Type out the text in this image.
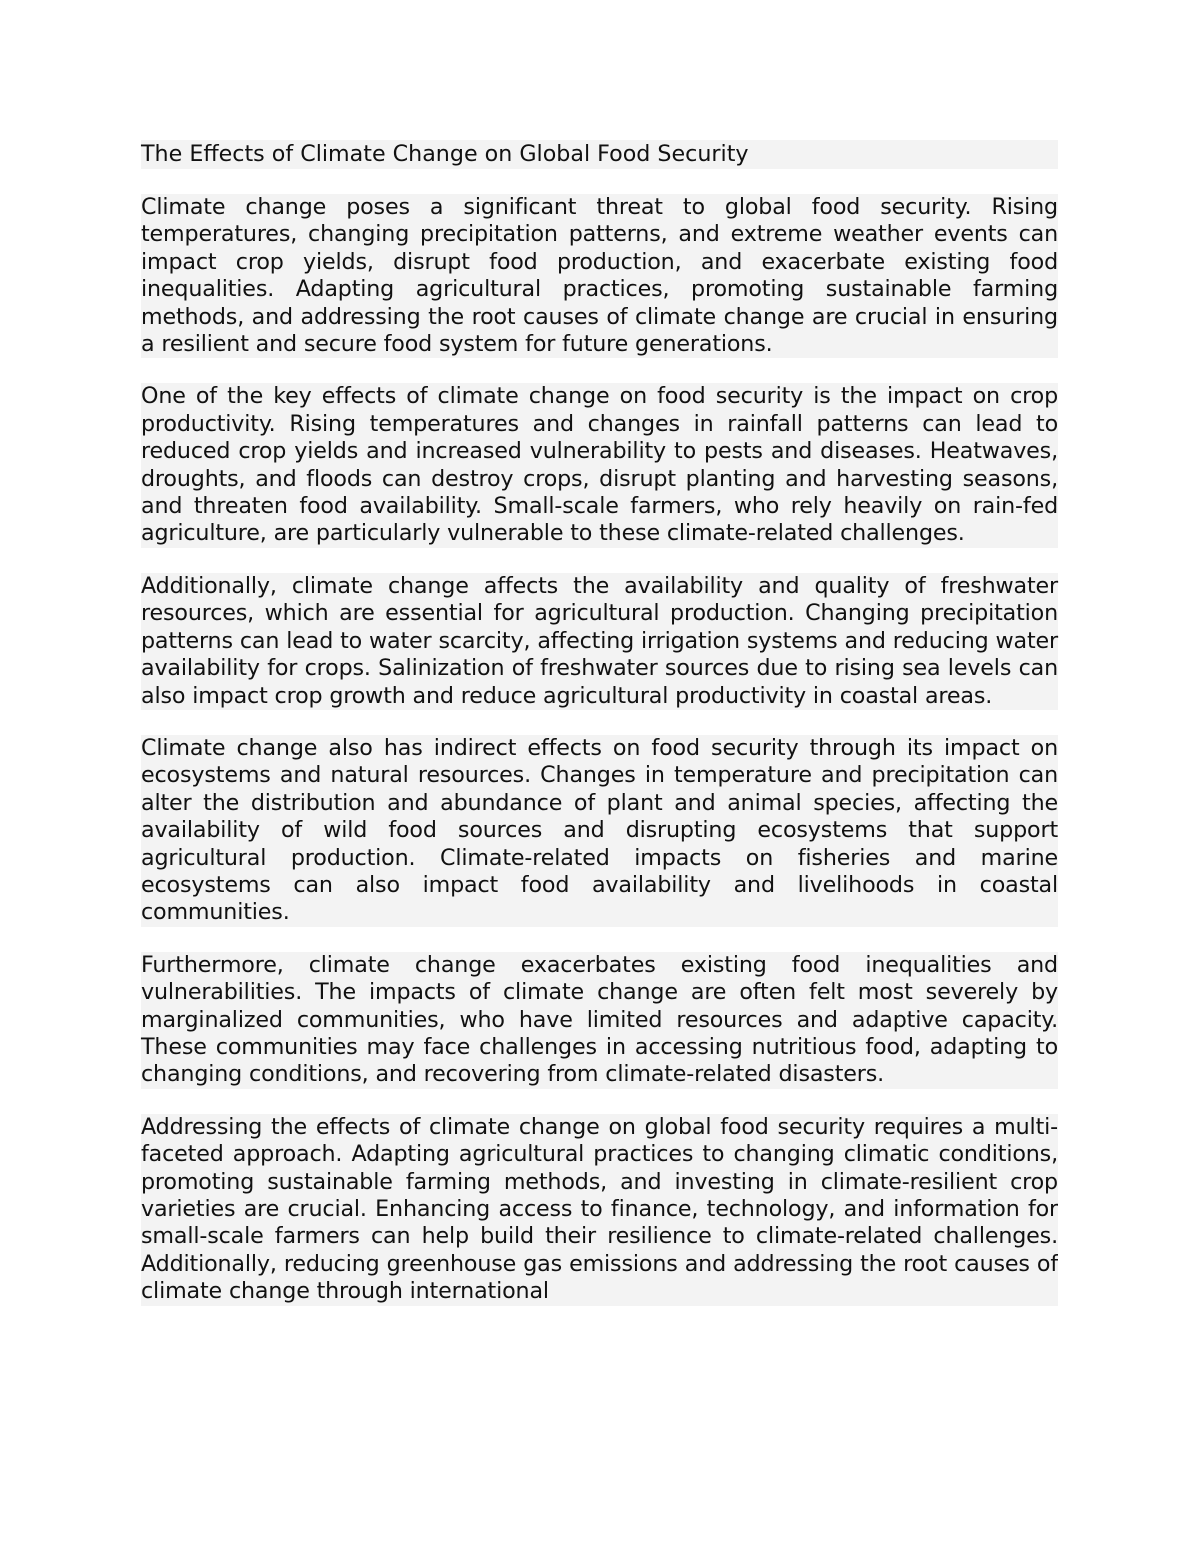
The Effects of Climate Change on Global Food Security

Climate change poses a significant threat to global food security. Rising temperatures, changing precipitation patterns, and extreme weather events can impact crop yields, disrupt food production, and exacerbate existing food inequalities. Adapting agricultural practices, promoting sustainable farming methods, and addressing the root causes of climate change are crucial in ensuring a resilient and secure food system for future generations.

One of the key effects of climate change on food security is the impact on crop productivity. Rising temperatures and changes in rainfall patterns can lead to reduced crop yields and increased vulnerability to pests and diseases. Heatwaves, droughts, and floods can destroy crops, disrupt planting and harvesting seasons, and threaten food availability. Small-scale farmers, who rely heavily on rain-fed agriculture, are particularly vulnerable to these climate-related challenges.

Additionally, climate change affects the availability and quality of freshwater resources, which are essential for agricultural production. Changing precipitation patterns can lead to water scarcity, affecting irrigation systems and reducing water availability for crops. Salinization of freshwater sources due to rising sea levels can also impact crop growth and reduce agricultural productivity in coastal areas.

Climate change also has indirect effects on food security through its impact on ecosystems and natural resources. Changes in temperature and precipitation can alter the distribution and abundance of plant and animal species, affecting the availability of wild food sources and disrupting ecosystems that support agricultural production. Climate-related impacts on fisheries and marine ecosystems can also impact food availability and livelihoods in coastal communities.

Furthermore, climate change exacerbates existing food inequalities and vulnerabilities. The impacts of climate change are often felt most severely by marginalized communities, who have limited resources and adaptive capacity. These communities may face challenges in accessing nutritious food, adapting to changing conditions, and recovering from climate-related disasters.

Addressing the effects of climate change on global food security requires a multi-faceted approach. Adapting agricultural practices to changing climatic conditions, promoting sustainable farming methods, and investing in climate-resilient crop varieties are crucial. Enhancing access to finance, technology, and information for small-scale farmers can help build their resilience to climate-related challenges. Additionally, reducing greenhouse gas emissions and addressing the root causes of climate change through international
